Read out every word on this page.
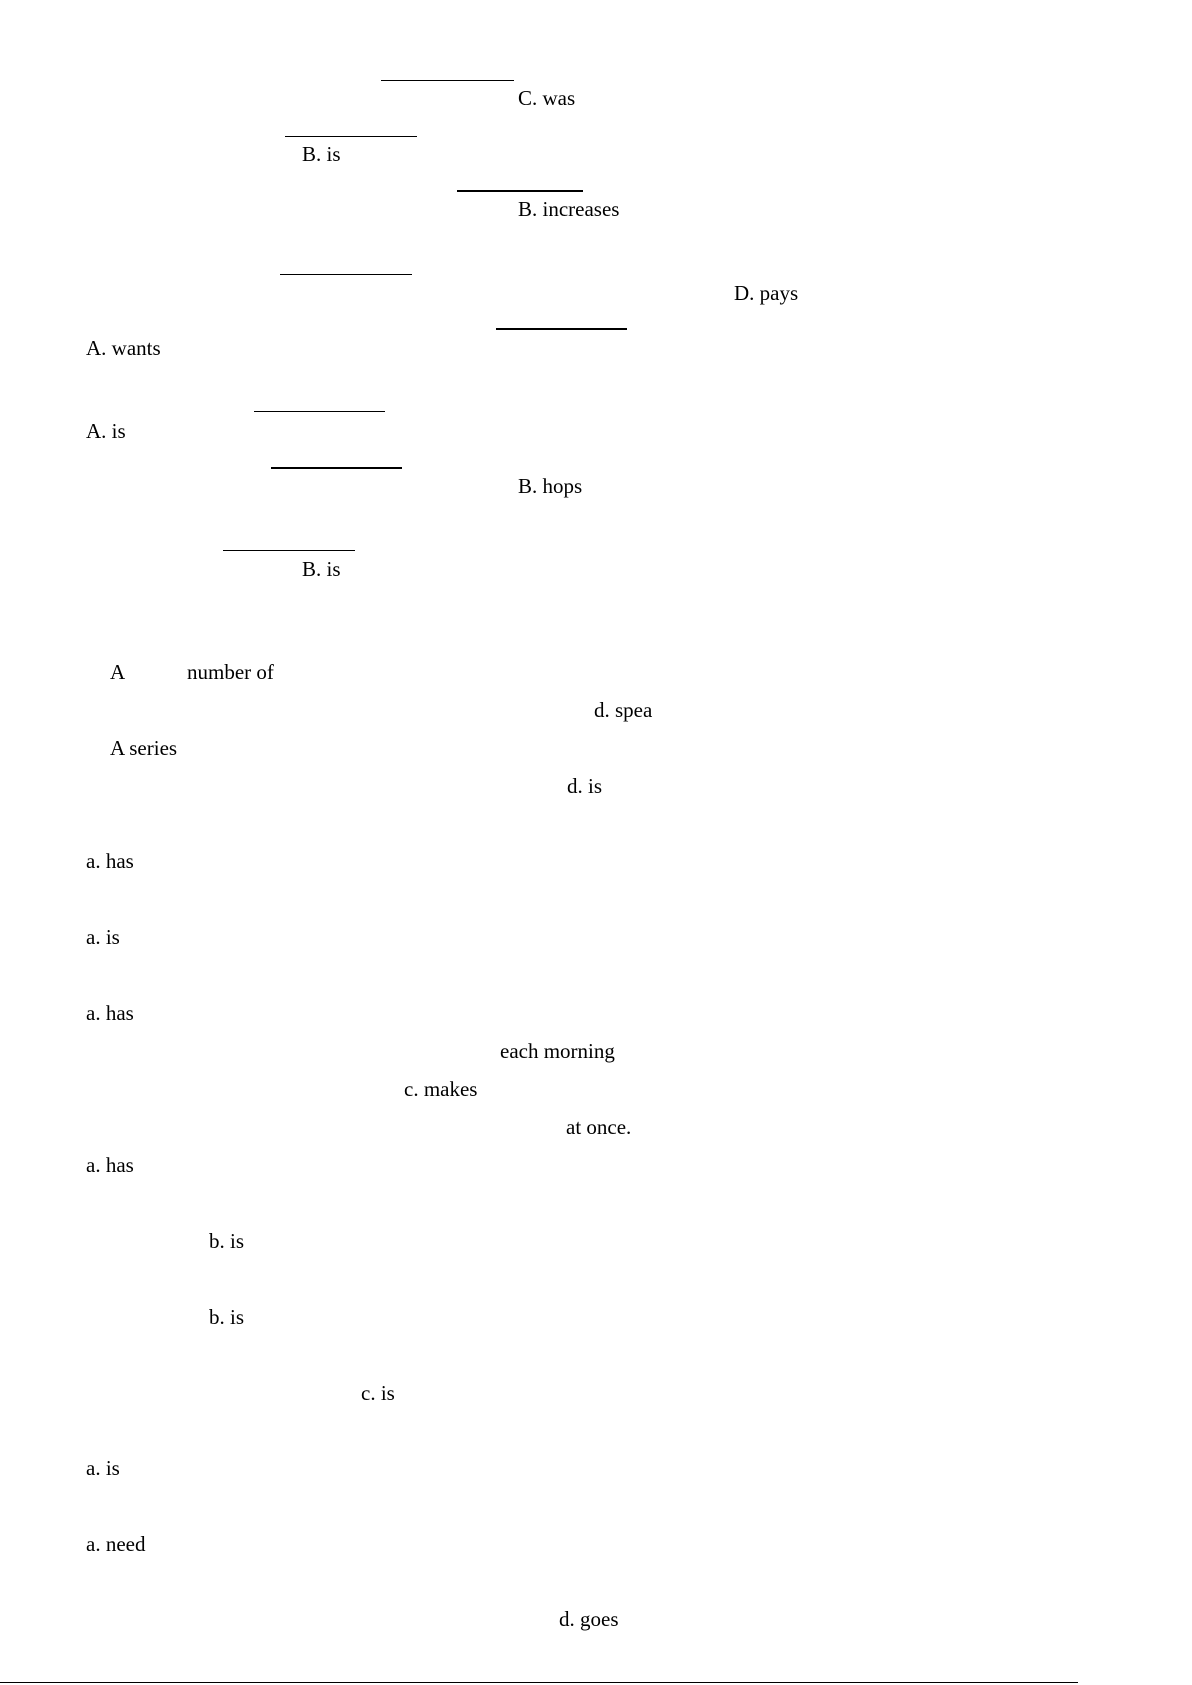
C. was
B. is
B. increases
D. pays
A. wants
A. is
B. hops
B. is
A	number of
d. spea
A series
d. is
a. has
a. is
a. has
each morning
c. makes
at once.
a. has
b. is
b. is
c. is
a. is
a. need
d. goes
